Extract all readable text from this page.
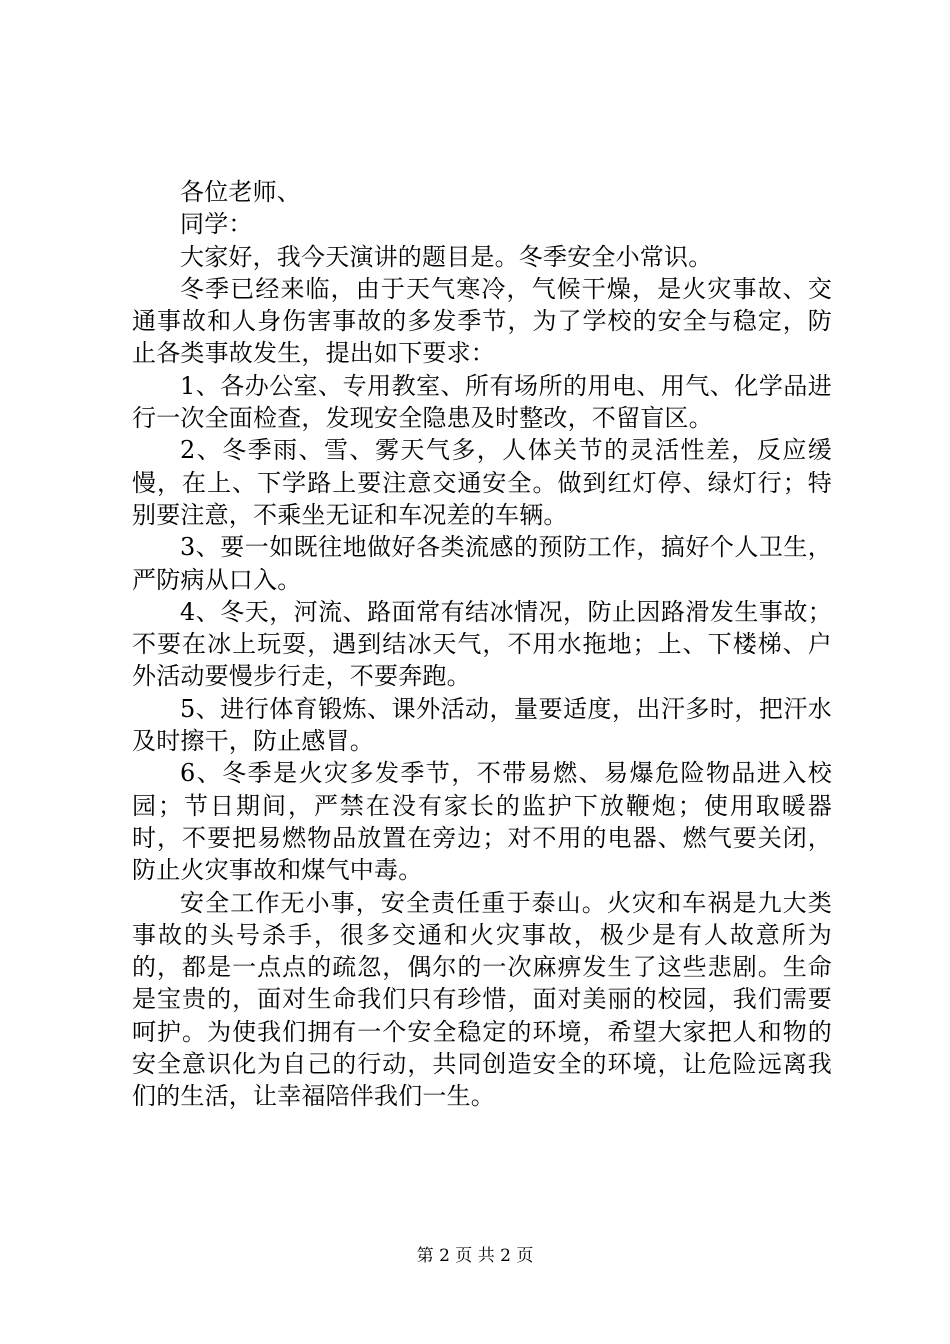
各位老师、

同学：

大家好，我今天演讲的题目是。冬季安全小常识。

冬季已经来临，由于天气寒冷，气候干燥，是火灾事故、交通事故和人身伤害事故的多发季节，为了学校的安全与稳定，防止各类事故发生，提出如下要求：

1、各办公室、专用教室、所有场所的用电、用气、化学品进行一次全面检查，发现安全隐患及时整改，不留盲区。

2、冬季雨、雪、雾天气多，人体关节的灵活性差，反应缓慢，在上、下学路上要注意交通安全。做到红灯停、绿灯行；特别要注意，不乘坐无证和车况差的车辆。

3、要一如既往地做好各类流感的预防工作，搞好个人卫生，严防病从口入。

4、冬天，河流、路面常有结冰情况，防止因路滑发生事故；不要在冰上玩耍，遇到结冰天气，不用水拖地；上、下楼梯、户外活动要慢步行走，不要奔跑。

5、进行体育锻炼、课外活动，量要适度，出汗多时，把汗水及时擦干，防止感冒。

6、冬季是火灾多发季节，不带易燃、易爆危险物品进入校园；节日期间，严禁在没有家长的监护下放鞭炮；使用取暖器时，不要把易燃物品放置在旁边；对不用的电器、燃气要关闭，防止火灾事故和煤气中毒。

安全工作无小事，安全责任重于泰山。火灾和车祸是九大类事故的头号杀手，很多交通和火灾事故，极少是有人故意所为的，都是一点点的疏忽，偶尔的一次麻痹发生了这些悲剧。生命是宝贵的，面对生命我们只有珍惜，面对美丽的校园，我们需要呵护。为使我们拥有一个安全稳定的环境，希望大家把人和物的安全意识化为自己的行动，共同创造安全的环境，让危险远离我们的生活，让幸福陪伴我们一生。

第 2 页 共 2 页
